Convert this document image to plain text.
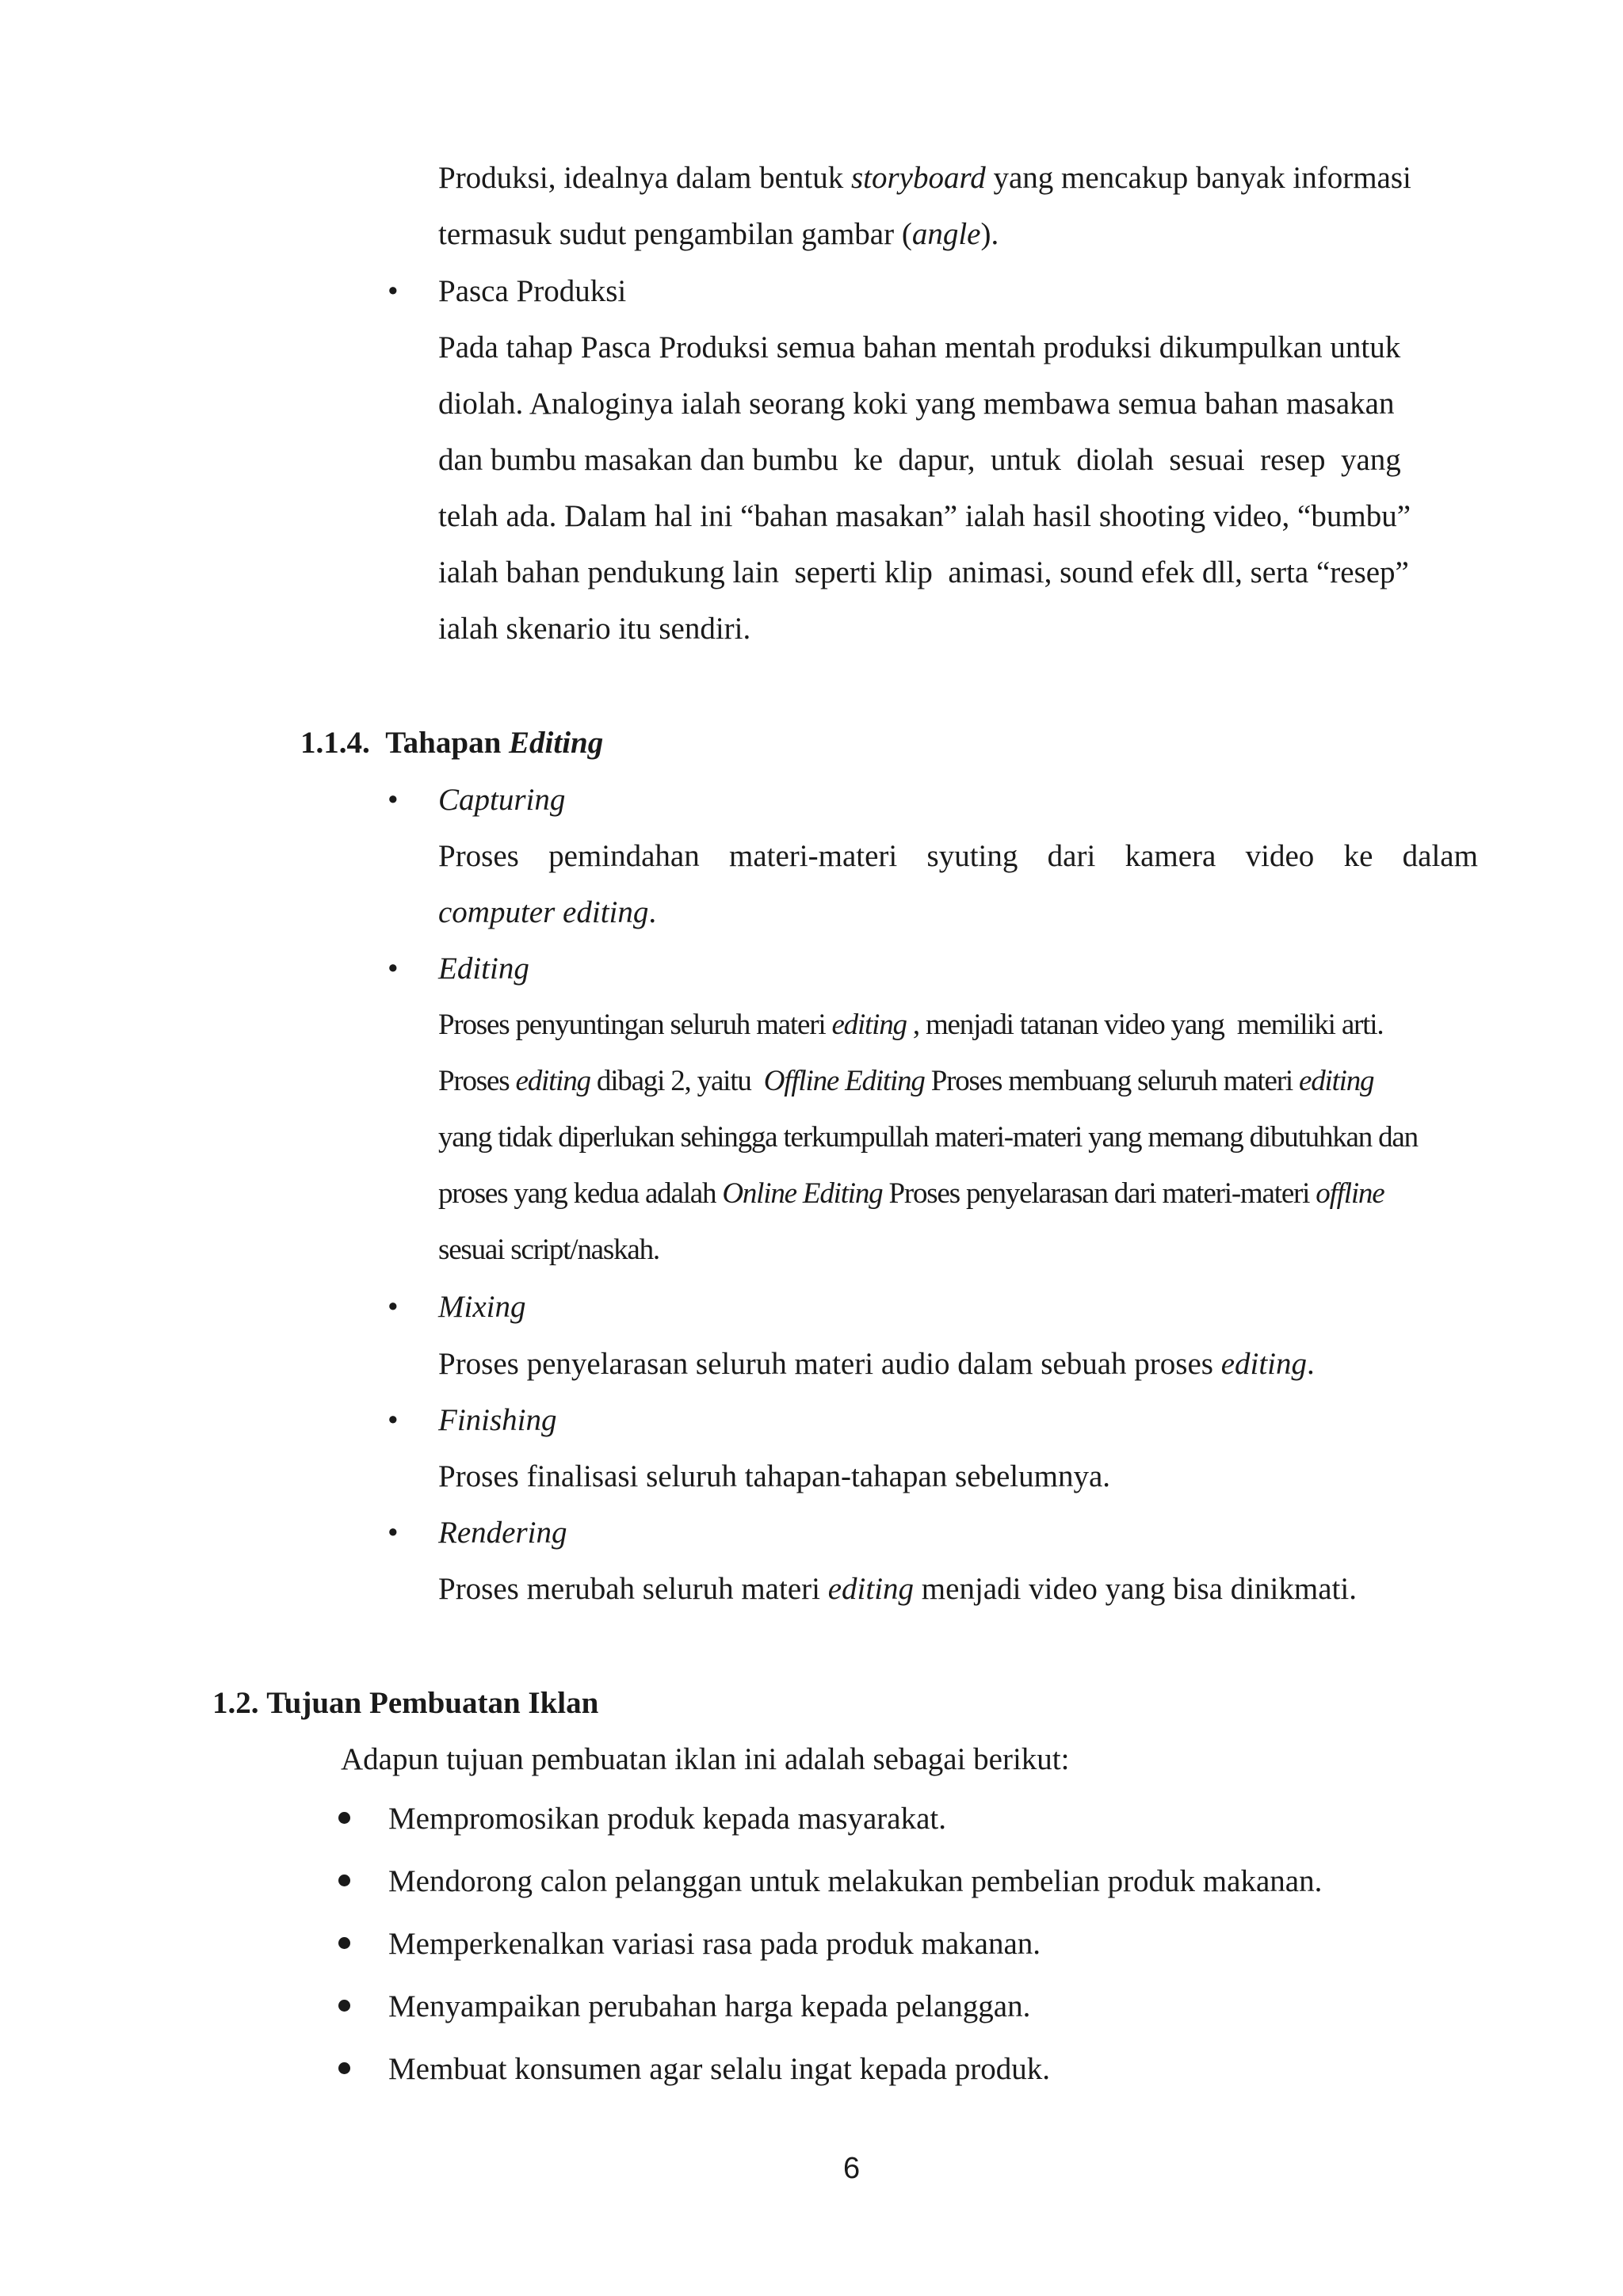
Produksi, idealnya dalam bentuk storyboard yang mencakup banyak informasi
termasuk sudut pengambilan gambar (angle).
• Pasca Produksi
Pada tahap Pasca Produksi semua bahan mentah produksi dikumpulkan untuk
diolah. Analoginya ialah seorang koki yang membawa semua bahan masakan
dan bumbu masakan dan bumbu  ke  dapur,  untuk  diolah  sesuai  resep  yang
telah ada. Dalam hal ini “bahan masakan” ialah hasil shooting video, “bumbu”
ialah bahan pendukung lain  seperti klip  animasi, sound efek dll, serta “resep”
ialah skenario itu sendiri.
1.1.4. Tahapan Editing
• Capturing
Proses pemindahan materi-materi syuting dari kamera video ke dalam
computer editing.
• Editing
Proses penyuntingan seluruh materi editing , menjadi tatanan video yang  memiliki arti.
Proses editing dibagi 2, yaitu  Offline Editing Proses membuang seluruh materi editing
yang tidak diperlukan sehingga terkumpullah materi-materi yang memang dibutuhkan dan
proses yang kedua adalah Online Editing Proses penyelarasan dari materi-materi offline
sesuai script/naskah.
• Mixing
Proses penyelarasan seluruh materi audio dalam sebuah proses editing.
• Finishing
Proses finalisasi seluruh tahapan-tahapan sebelumnya.
• Rendering
Proses merubah seluruh materi editing menjadi video yang bisa dinikmati.
1.2. Tujuan Pembuatan Iklan
Adapun tujuan pembuatan iklan ini adalah sebagai berikut:
Mempromosikan produk kepada masyarakat.
Mendorong calon pelanggan untuk melakukan pembelian produk makanan.
Memperkenalkan variasi rasa pada produk makanan.
Menyampaikan perubahan harga kepada pelanggan.
Membuat konsumen agar selalu ingat kepada produk.
6
